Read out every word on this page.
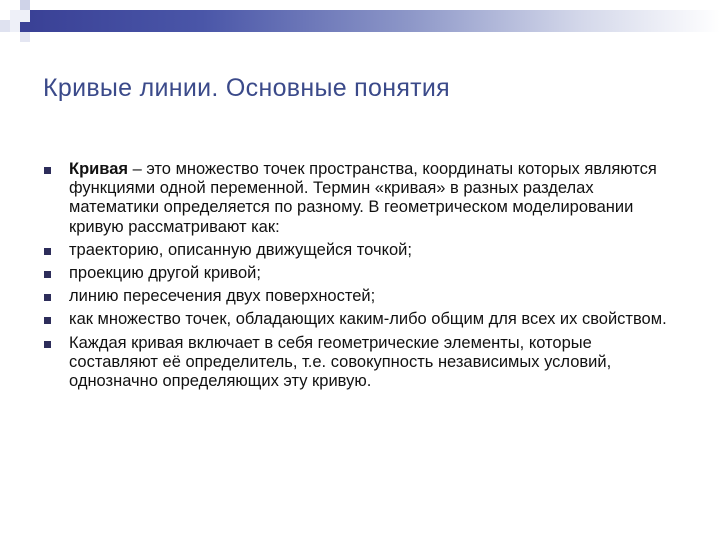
Кривые линии. Основные понятия
Кривая – это множество точек пространства, координаты которых являются функциями одной переменной. Термин «кривая» в разных разделах математики определяется по разному. В геометрическом моделировании кривую рассматривают как:
траекторию, описанную движущейся точкой;
проекцию другой кривой;
линию пересечения двух поверхностей;
как множество точек, обладающих каким-либо общим для всех их свойством.
Каждая кривая включает в себя геометрические элементы, которые составляют её определитель, т.е. совокупность независимых условий, однозначно определяющих эту кривую.
